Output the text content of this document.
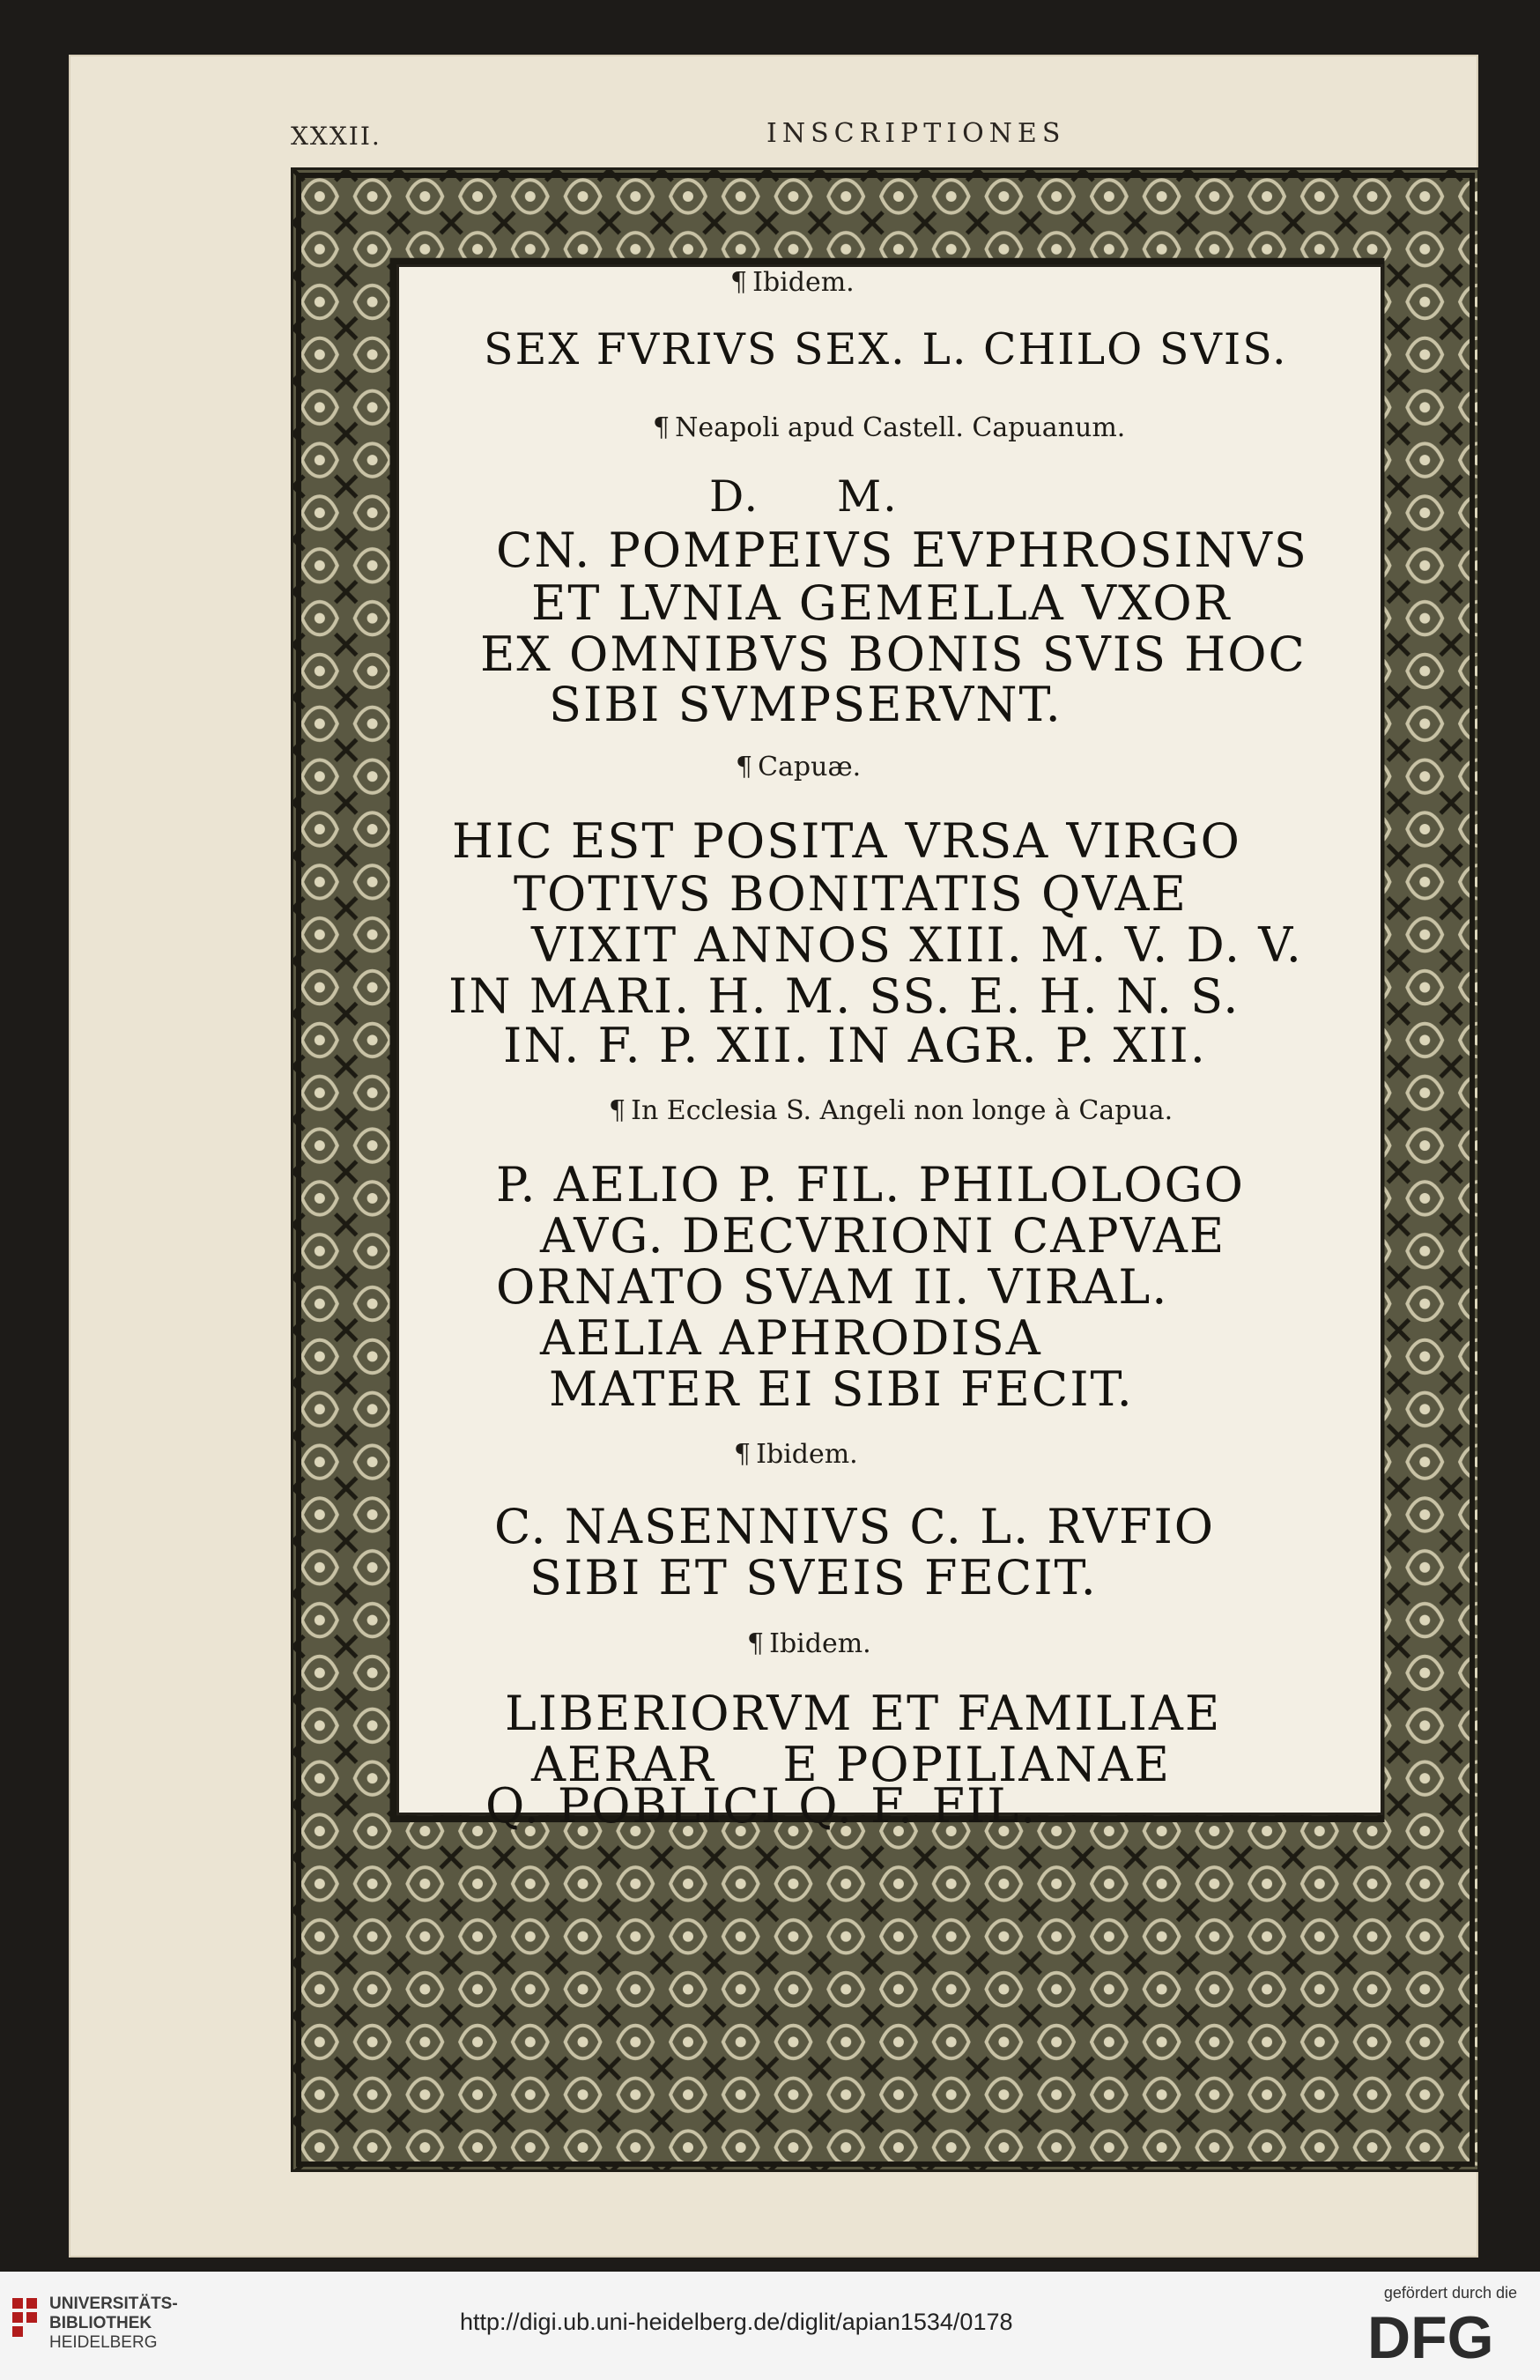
XXXII.	INSCRIPTIONES
¶ Ibidem.
SEX FVRIVS SEX. L. CHILO SVIS.
¶ Neapoli apud Castell. Capuanum.
D.     M.
CN. POMPEIVS EVPHROSINVS
ET LVNIA GEMELLA VXOR
EX OMNIBVS BONIS SVIS HOC
SIBI SVMPSERVNT.
¶ Capuæ.
HIC EST POSITA VRSA VIRGO
TOTIVS BONITATIS QVAE
VIXIT ANNOS XIII. M. V. D. V.
IN MARI. H. M. SS. E. H. N. S.
IN. F. P. XII. IN AGR. P. XII.
¶ In Ecclesia S. Angeli non longe à Capua.
P. AELIO P. FIL. PHILOLOGO
AVG. DECVRIONI CAPVAE
ORNATO SVAM II. VIRAL.
AELIA APHRODISA
MATER EI SIBI FECIT.
¶ Ibidem.
C. NASENNIVS C. L. RVFIO
SIBI ET SVEIS FECIT.
¶ Ibidem.
LIBERIORVM ET FAMILIAE
AERAR    E POPILIANAE
Q. POBLICI Q. F. FIL.
UNIVERSITÄTS-
BIBLIOTHEK
HEIDELBERG
http://digi.ub.uni-heidelberg.de/diglit/apian1534/0178
gefördert durch die
DFG
